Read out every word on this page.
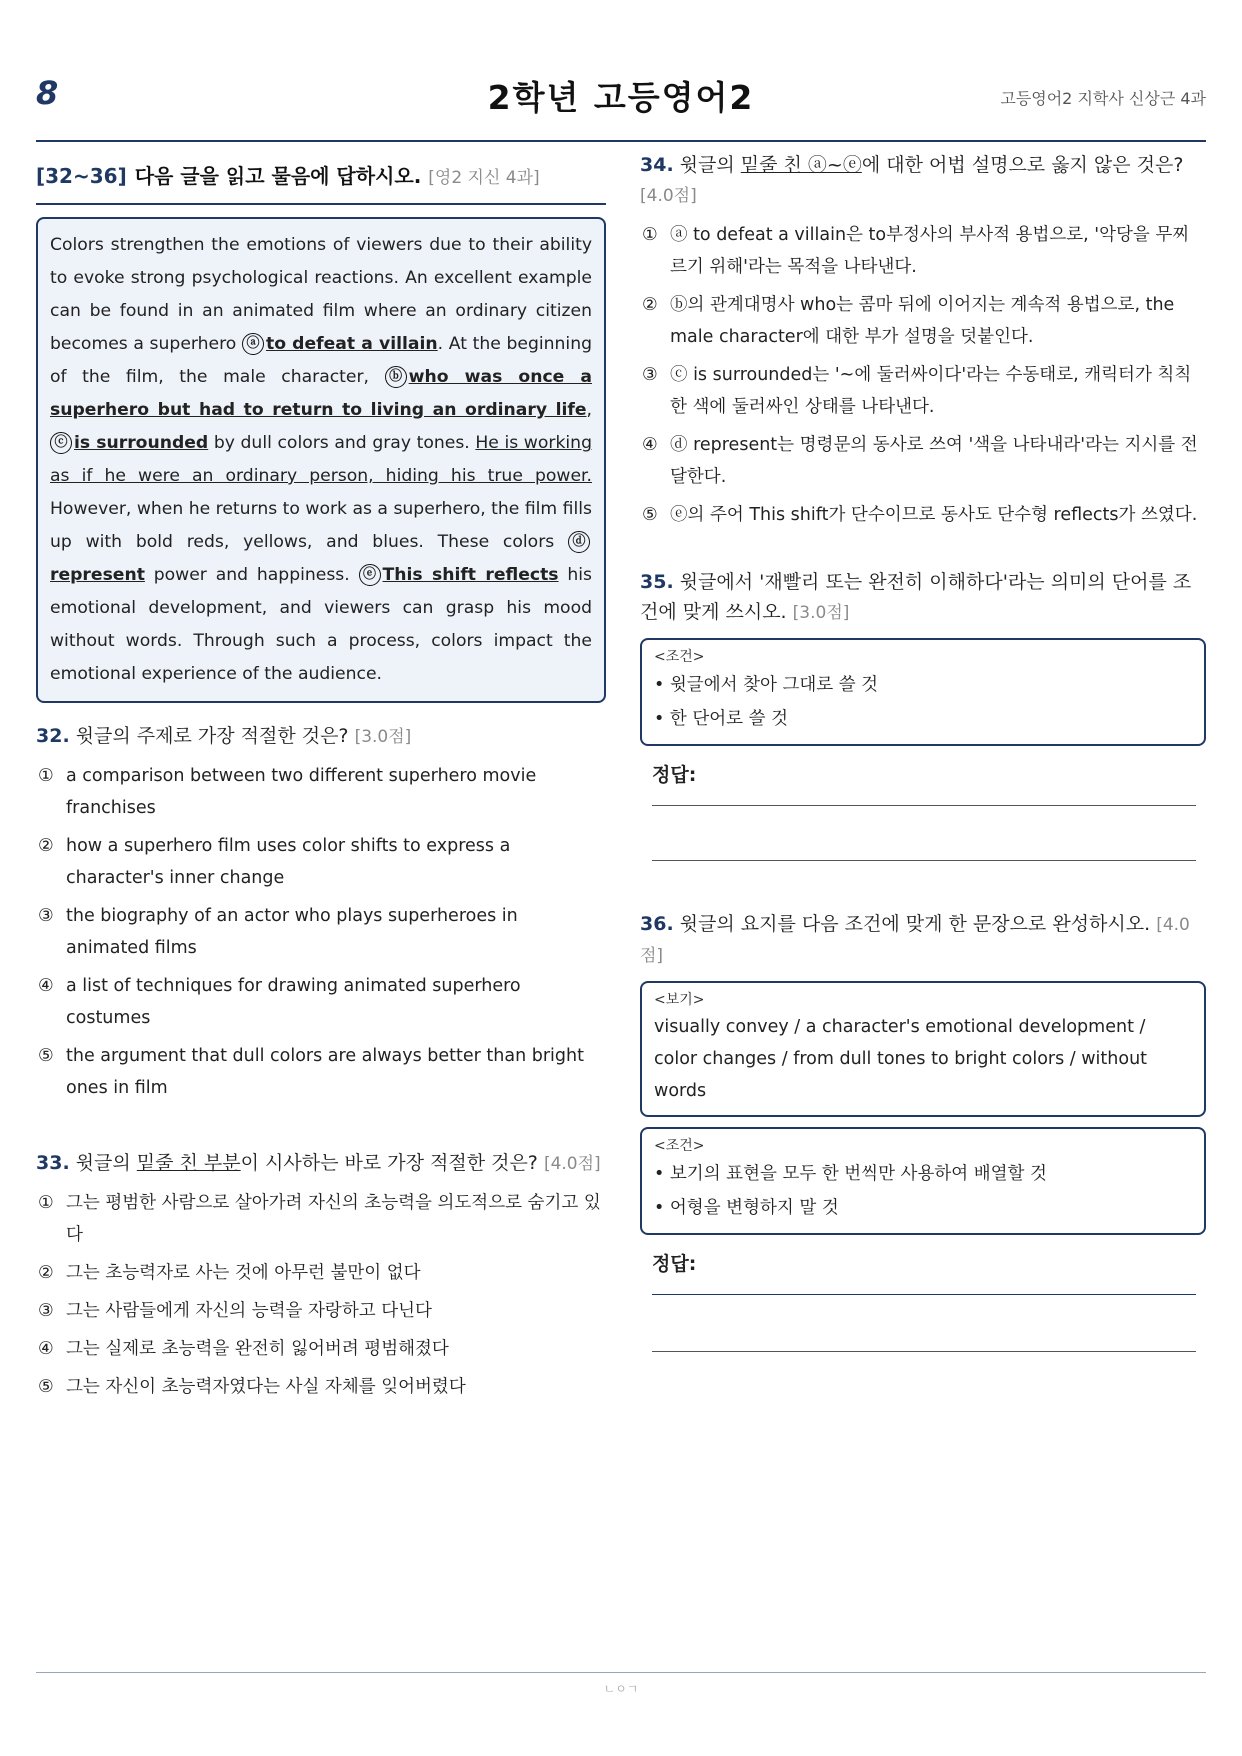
8	2학년 고등영어2	고등영어2 지학사 신상근 4과
[32~36] 다음 글을 읽고 물음에 답하시오. [영2 지신 4과]
Colors strengthen the emotions of viewers due to their ability to evoke strong psychological reactions. An excellent example can be found in an animated film where an ordinary citizen becomes a superhero ⓐ to defeat a villain. At the beginning of the film, the male character, ⓑ who was once a superhero but had to return to living an ordinary life, ⓒ is surrounded by dull colors and gray tones. He is working as if he were an ordinary person, hiding his true power. However, when he returns to work as a superhero, the film fills up with bold reds, yellows, and blues. These colors ⓓrepresent power and happiness. ⓔ This shift reflects his emotional development, and viewers can grasp his mood without words. Through such a process, colors impact the emotional experience of the audience.
32. 윗글의 주제로 가장 적절한 것은? [3.0점]
① a comparison between two different superhero movie franchises
② how a superhero film uses color shifts to express a character's inner change
③ the biography of an actor who plays superheroes in animated films
④ a list of techniques for drawing animated superhero costumes
⑤ the argument that dull colors are always better than bright ones in film
33. 윗글의 밑줄 친 부분이 시사하는 바로 가장 적절한 것은? [4.0점]
① 그는 평범한 사람으로 살아가려 자신의 초능력을 의도적으로 숨기고 있다
② 그는 초능력자로 사는 것에 아무런 불만이 없다
③ 그는 사람들에게 자신의 능력을 자랑하고 다닌다
④ 그는 실제로 초능력을 완전히 잃어버려 평범해졌다
⑤ 그는 자신이 초능력자였다는 사실 자체를 잊어버렸다
34. 윗글의 밑줄 친 ⓐ~ⓔ에 대한 어법 설명으로 옳지 않은 것은? [4.0점]
① ⓐ to defeat a villain은 to부정사의 부사적 용법으로, '악당을 무찌르기 위해'라는 목적을 나타낸다.
② ⓑ의 관계대명사 who는 콤마 뒤에 이어지는 계속적 용법으로, the male character에 대한 부가 설명을 덧붙인다.
③ ⓒ is surrounded는 '~에 둘러싸이다'라는 수동태로, 캐릭터가 칙칙한 색에 둘러싸인 상태를 나타낸다.
④ ⓓ represent는 명령문의 동사로 쓰여 '색을 나타내라'라는 지시를 전달한다.
⑤ ⓔ의 주어 This shift가 단수이므로 동사도 단수형 reflects가 쓰였다.
35. 윗글에서 '재빨리 또는 완전히 이해하다'라는 의미의 단어를 조건에 맞게 쓰시오. [3.0점]
<조건>
• 윗글에서 찾아 그대로 쓸 것
• 한 단어로 쓸 것
정답:
36. 윗글의 요지를 다음 조건에 맞게 한 문장으로 완성하시오. [4.0점]
<보기>
visually convey / a character's emotional development / color changes / from dull tones to bright colors / without words
<조건>
• 보기의 표현을 모두 한 번씩만 사용하여 배열할 것
• 어형을 변형하지 말 것
정답:
ㄴㅇㄱ
